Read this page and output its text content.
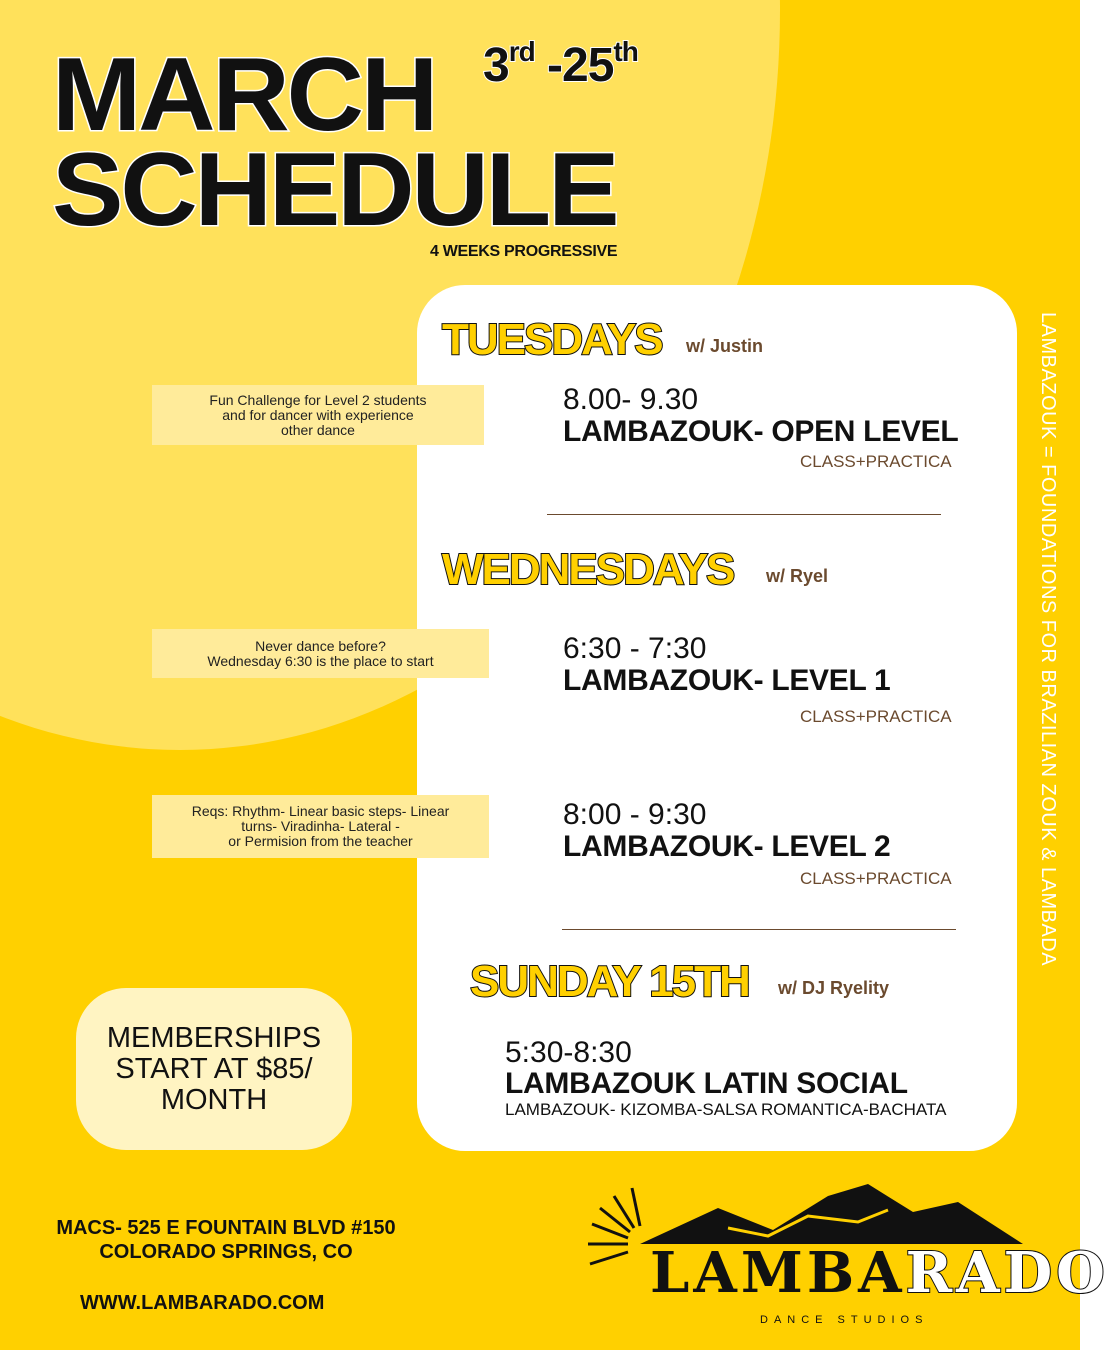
MARCH
SCHEDULE
3rd -25th
4 WEEKS PROGRESSIVE
TUESDAYS w/ Justin
8.00- 9.30
LAMBAZOUK- OPEN LEVEL
CLASS+PRACTICA
Fun Challenge for Level 2 students
and for dancer with experience
other dance
WEDNESDAYS w/ Ryel
6:30 - 7:30
LAMBAZOUK- LEVEL 1
CLASS+PRACTICA
Never dance before?
Wednesday 6:30 is the place to start
8:00 - 9:30
LAMBAZOUK- LEVEL 2
CLASS+PRACTICA
Reqs: Rhythm- Linear basic steps- Linear
turns- Viradinha- Lateral -
or Permision from the teacher
SUNDAY 15TH w/ DJ Ryelity
5:30-8:30
LAMBAZOUK LATIN SOCIAL
LAMBAZOUK- KIZOMBA-SALSA ROMANTICA-BACHATA
LAMBAZOUK = FOUNDATIONS FOR BRAZILIAN ZOUK & LAMBADA
MEMBERSHIPS
START AT $85/
MONTH
MACS- 525 E FOUNTAIN BLVD #150
COLORADO SPRINGS, CO
WWW.LAMBARADO.COM	LAMBARADO
DANCE STUDIOS
